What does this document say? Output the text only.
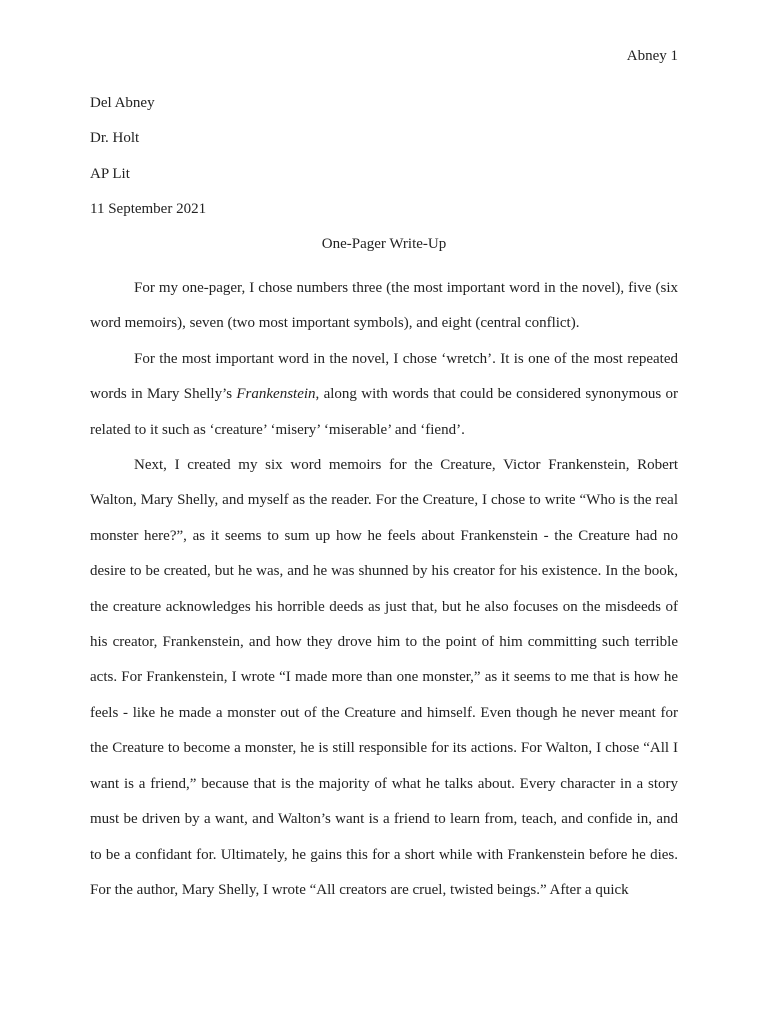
Abney 1
Del Abney
Dr. Holt
AP Lit
11 September 2021
One-Pager Write-Up

For my one-pager, I chose numbers three (the most important word in the novel), five (six word memoirs), seven (two most important symbols), and eight (central conflict).

For the most important word in the novel, I chose ‘wretch’. It is one of the most repeated words in Mary Shelly’s Frankenstein, along with words that could be considered synonymous or related to it such as ‘creature’ ‘misery’ ‘miserable’ and ‘fiend’.

Next, I created my six word memoirs for the Creature, Victor Frankenstein, Robert Walton, Mary Shelly, and myself as the reader. For the Creature, I chose to write “Who is the real monster here?”, as it seems to sum up how he feels about Frankenstein - the Creature had no desire to be created, but he was, and he was shunned by his creator for his existence. In the book, the creature acknowledges his horrible deeds as just that, but he also focuses on the misdeeds of his creator, Frankenstein, and how they drove him to the point of him committing such terrible acts. For Frankenstein, I wrote “I made more than one monster,” as it seems to me that is how he feels - like he made a monster out of the Creature and himself. Even though he never meant for the Creature to become a monster, he is still responsible for its actions. For Walton, I chose “All I want is a friend,” because that is the majority of what he talks about. Every character in a story must be driven by a want, and Walton’s want is a friend to learn from, teach, and confide in, and to be a confidant for. Ultimately, he gains this for a short while with Frankenstein before he dies. For the author, Mary Shelly, I wrote “All creators are cruel, twisted beings.” After a quick
